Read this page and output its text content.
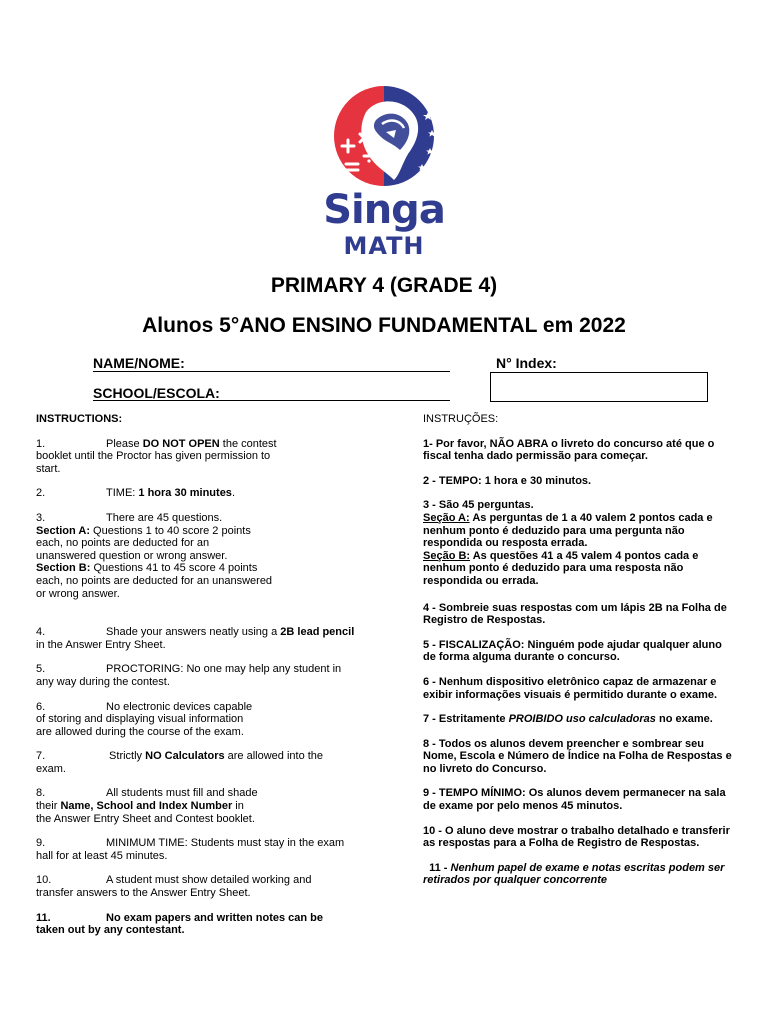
Singa
MATH
PRIMARY 4 (GRADE 4)
Alunos 5°ANO ENSINO FUNDAMENTAL em 2022
NAME/NOME:	N° Index:
SCHOOL/ESCOLA:

INSTRUCTIONS:

1.	Please DO NOT OPEN the contest

booklet until the Proctor has given permission to

start.

2.	TIME: 1 hora 30 minutes.

3.	There are 45 questions.

Section A: Questions 1 to 40 score 2 points

each, no points are deducted for an

unanswered question or wrong answer.

Section B: Questions 41 to 45 score 4 points

each, no points are deducted for an unanswered

or wrong answer.

4.	Shade your answers neatly using a 2B lead pencil

in the Answer Entry Sheet.

5.	PROCTORING: No one may help any student in

any way during the contest.

6.	No electronic devices capable

of storing and displaying visual information

are allowed during the course of the exam.

7.	Strictly NO Calculators are allowed into the

exam.

8.	All students must fill and shade

their Name, School and Index Number in

the Answer Entry Sheet and Contest booklet.

9.	MINIMUM TIME: Students must stay in the exam

hall for at least 45 minutes.

10.	A student must show detailed working and

transfer answers to the Answer Entry Sheet.

11.	No exam papers and written notes can be

taken out by any contestant.

INSTRUÇÕES:

1- Por favor, NÃO ABRA o livreto do concurso até que o

fiscal tenha dado permissão para começar.

2 - TEMPO: 1 hora e 30 minutos.

3 - São 45 perguntas.

Seção A: As perguntas de 1 a 40 valem 2 pontos cada e

nenhum ponto é deduzido para uma pergunta não

respondida ou resposta errada.

Seção B: As questões 41 a 45 valem 4 pontos cada e

nenhum ponto é deduzido para uma resposta não

respondida ou errada.

4 - Sombreie suas respostas com um lápis 2B na Folha de

Registro de Respostas.

5 - FISCALIZAÇÃO: Ninguém pode ajudar qualquer aluno

de forma alguma durante o concurso.

6 - Nenhum dispositivo eletrônico capaz de armazenar e

exibir informações visuais é permitido durante o exame.

7 - Estritamente PROIBIDO uso calculadoras no exame.

8 - Todos os alunos devem preencher e sombrear seu

Nome, Escola e Número de Índice na Folha de Respostas e

no livreto do Concurso.

9 - TEMPO MÍNIMO: Os alunos devem permanecer na sala

de exame por pelo menos 45 minutos.

10 - O aluno deve mostrar o trabalho detalhado e transferir

as respostas para a Folha de Registro de Respostas.

11 - Nenhum papel de exame e notas escritas podem ser

retirados por qualquer concorrente
